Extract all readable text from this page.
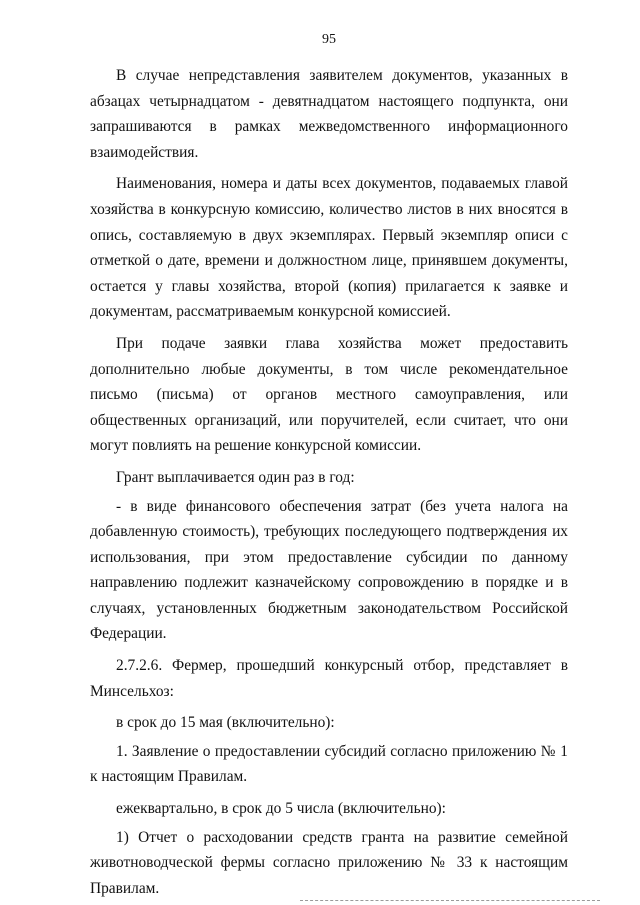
95

В случае непредставления заявителем документов, указанных в абзацах четырнадцатом - девятнадцатом настоящего подпункта, они запрашиваются в рамках межведомственного информационного взаимодействия.

Наименования, номера и даты всех документов, подаваемых главой хозяйства в конкурсную комиссию, количество листов в них вносятся в опись, составляемую в двух экземплярах. Первый экземпляр описи с отметкой о дате, времени и должностном лице, принявшем документы, остается у главы хозяйства, второй (копия) прилагается к заявке и документам, рассматриваемым конкурсной комиссией.

При подаче заявки глава хозяйства может предоставить дополнительно любые документы, в том числе рекомендательное письмо (письма) от органов местного самоуправления, или общественных организаций, или поручителей, если считает, что они могут повлиять на решение конкурсной комиссии.

Грант выплачивается один раз в год:

- в виде финансового обеспечения затрат (без учета налога на добавленную стоимость), требующих последующего подтверждения их использования, при этом предоставление субсидии по данному направлению подлежит казначейскому сопровождению в порядке и в случаях, установленных бюджетным законодательством Российской Федерации.

2.7.2.6. Фермер, прошедший конкурсный отбор, представляет в Минсельхоз:

в срок до 15 мая (включительно):

1. Заявление о предоставлении субсидий согласно приложению № 1 к настоящим Правилам.

ежеквартально, в срок до 5 числа (включительно):

1) Отчет о расходовании средств гранта на развитие семейной животноводческой фермы согласно приложению № 33 к настоящим Правилам.
